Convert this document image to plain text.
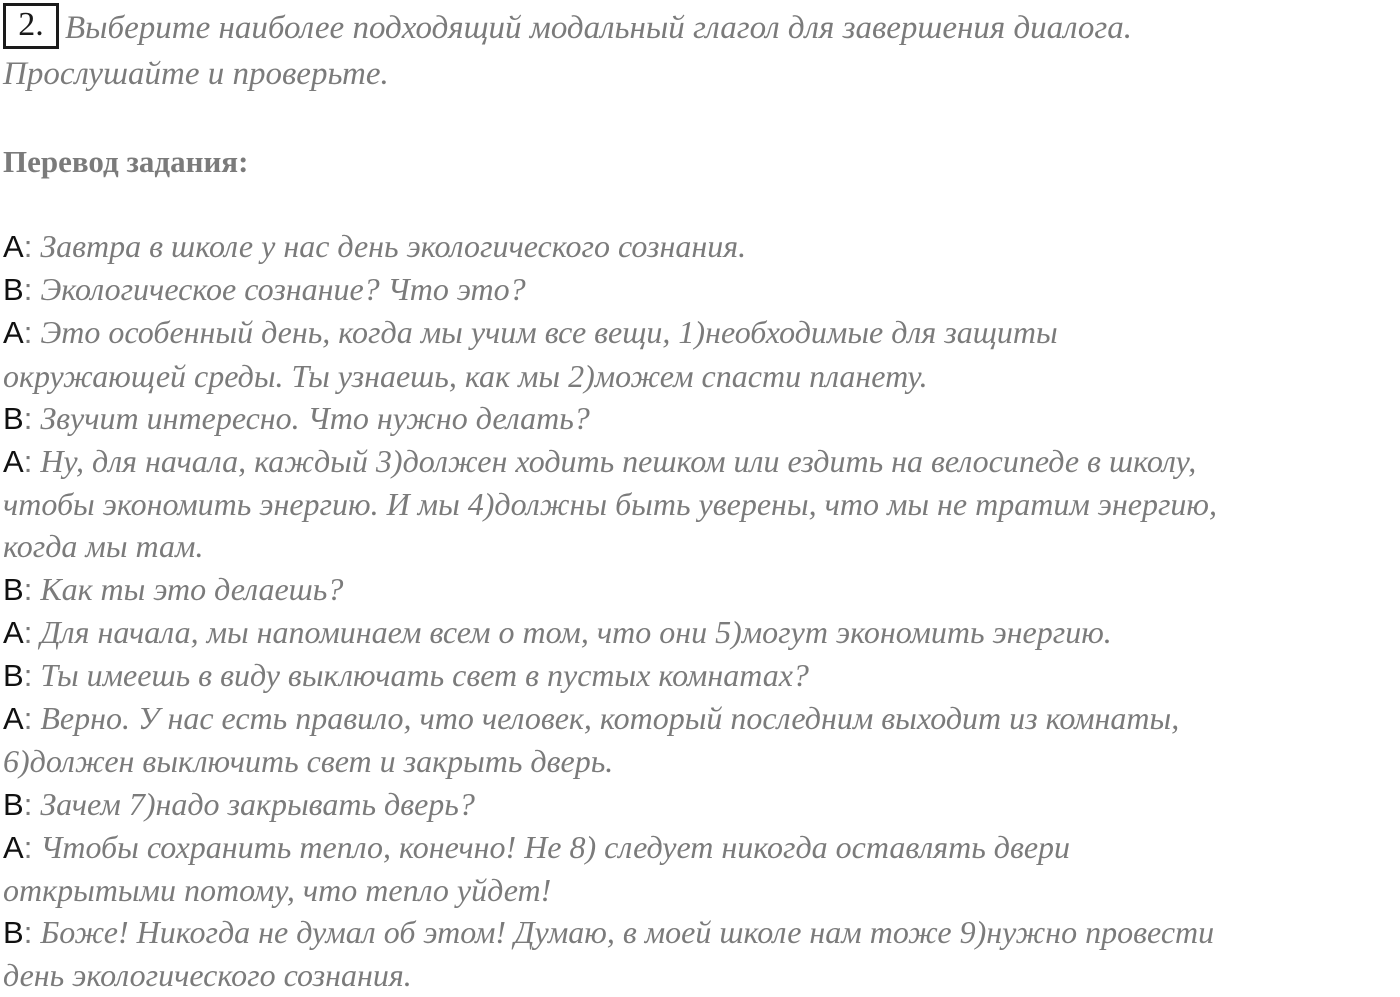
2. Выберите наиболее подходящий модальный глагол для завершения диалога.
Прослушайте и проверьте.
Перевод задания:
A: Завтра в школе у нас день экологического сознания.
B: Экологическое сознание? Что это?
A: Это особенный день, когда мы учим все вещи, 1)необходимые для защиты
окружающей среды. Ты узнаешь, как мы 2)можем спасти планету.
B: Звучит интересно. Что нужно делать?
A: Ну, для начала, каждый 3)должен ходить пешком или ездить на велосипеде в школу,
чтобы экономить энергию. И мы 4)должны быть уверены, что мы не тратим энергию,
когда мы там.
B: Как ты это делаешь?
A: Для начала, мы напоминаем всем о том, что они 5)могут экономить энергию.
B: Ты имеешь в виду выключать свет в пустых комнатах?
A: Верно. У нас есть правило, что человек, который последним выходит из комнаты,
6)должен выключить свет и закрыть дверь.
B: Зачем 7)надо закрывать дверь?
A: Чтобы сохранить тепло, конечно! Не 8) следует никогда оставлять двери
открытыми потому, что тепло уйдет!
B: Боже! Никогда не думал об этом! Думаю, в моей школе нам тоже 9)нужно провести
день экологического сознания.
